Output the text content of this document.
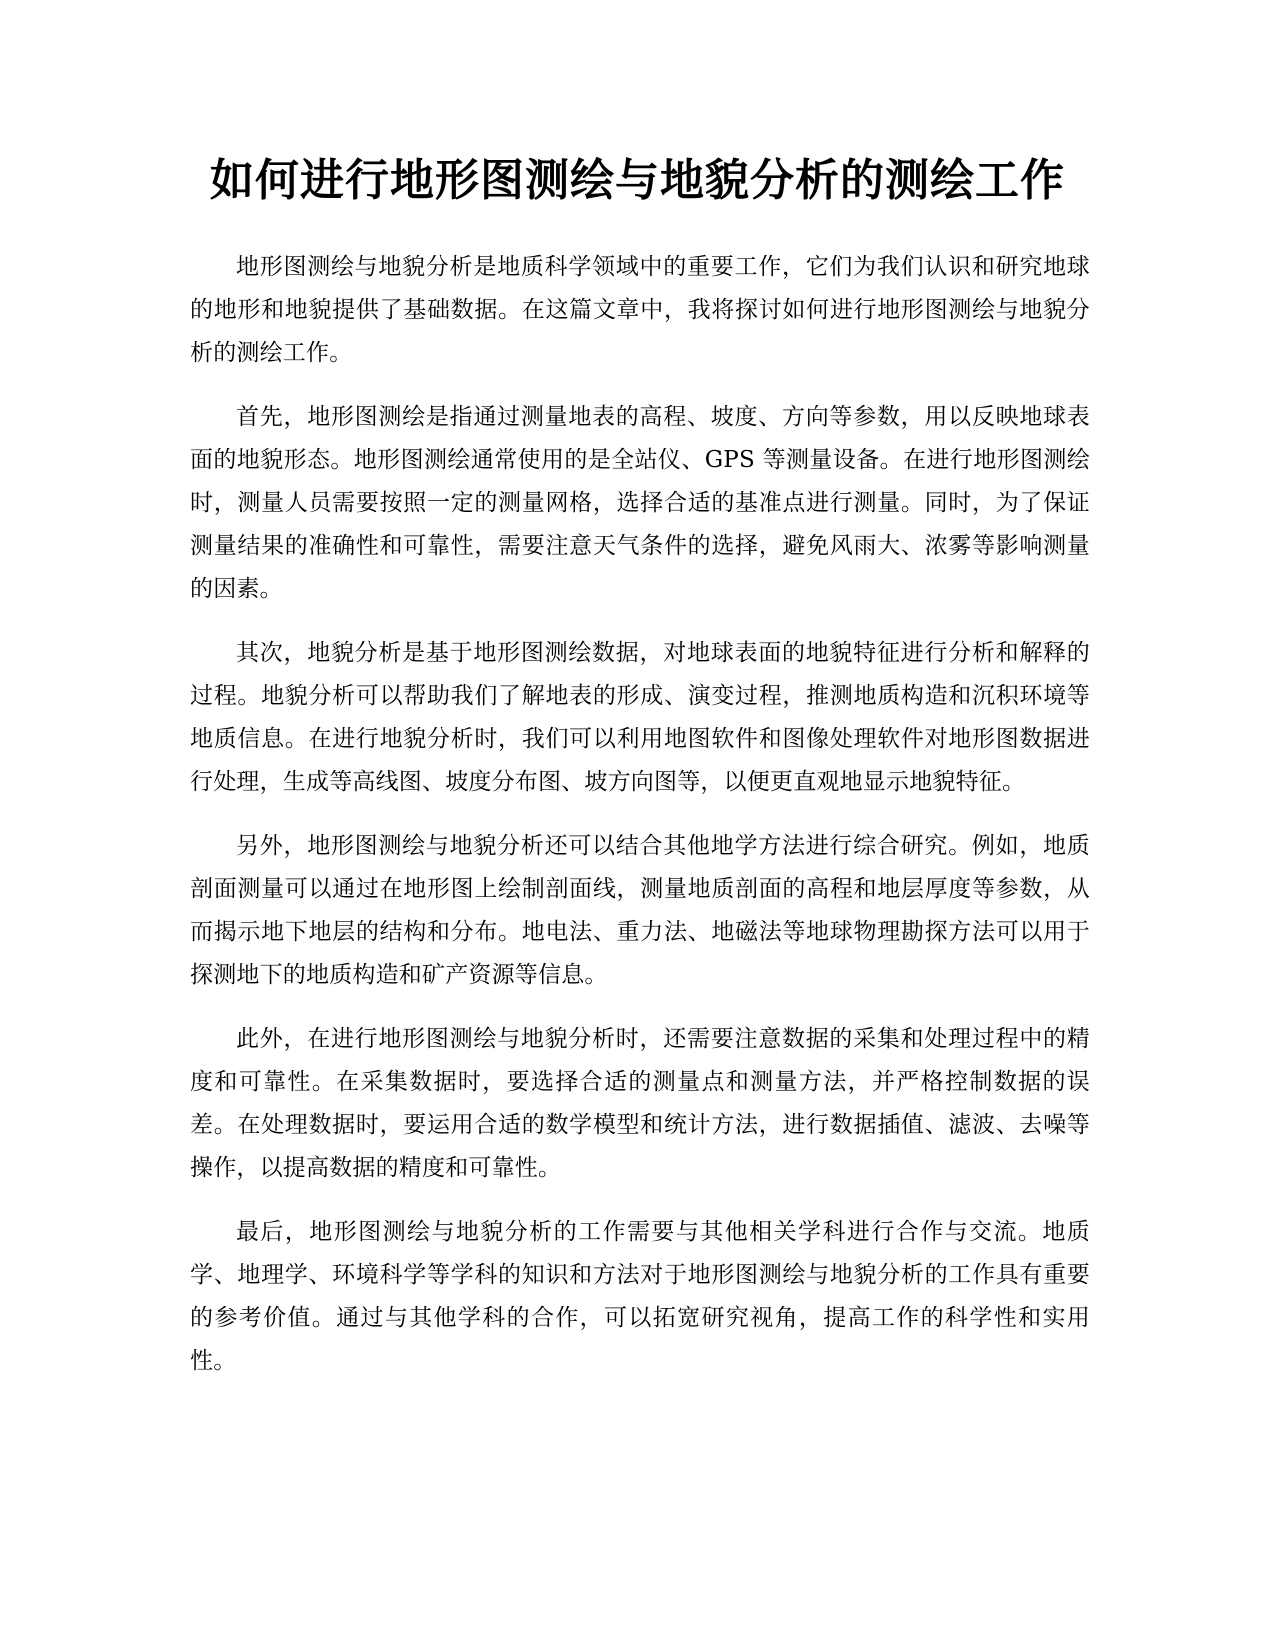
如何进行地形图测绘与地貌分析的测绘工作

地形图测绘与地貌分析是地质科学领域中的重要工作，它们为我们认识和研究地球的地形和地貌提供了基础数据。在这篇文章中，我将探讨如何进行地形图测绘与地貌分析的测绘工作。

首先，地形图测绘是指通过测量地表的高程、坡度、方向等参数，用以反映地球表面的地貌形态。地形图测绘通常使用的是全站仪、GPS 等测量设备。在进行地形图测绘时，测量人员需要按照一定的测量网格，选择合适的基准点进行测量。同时，为了保证测量结果的准确性和可靠性，需要注意天气条件的选择，避免风雨大、浓雾等影响测量的因素。

其次，地貌分析是基于地形图测绘数据，对地球表面的地貌特征进行分析和解释的过程。地貌分析可以帮助我们了解地表的形成、演变过程，推测地质构造和沉积环境等地质信息。在进行地貌分析时，我们可以利用地图软件和图像处理软件对地形图数据进行处理，生成等高线图、坡度分布图、坡方向图等，以便更直观地显示地貌特征。

另外，地形图测绘与地貌分析还可以结合其他地学方法进行综合研究。例如，地质剖面测量可以通过在地形图上绘制剖面线，测量地质剖面的高程和地层厚度等参数，从而揭示地下地层的结构和分布。地电法、重力法、地磁法等地球物理勘探方法可以用于探测地下的地质构造和矿产资源等信息。

此外，在进行地形图测绘与地貌分析时，还需要注意数据的采集和处理过程中的精度和可靠性。在采集数据时，要选择合适的测量点和测量方法，并严格控制数据的误差。在处理数据时，要运用合适的数学模型和统计方法，进行数据插值、滤波、去噪等操作，以提高数据的精度和可靠性。

最后，地形图测绘与地貌分析的工作需要与其他相关学科进行合作与交流。地质学、地理学、环境科学等学科的知识和方法对于地形图测绘与地貌分析的工作具有重要的参考价值。通过与其他学科的合作，可以拓宽研究视角，提高工作的科学性和实用性。
